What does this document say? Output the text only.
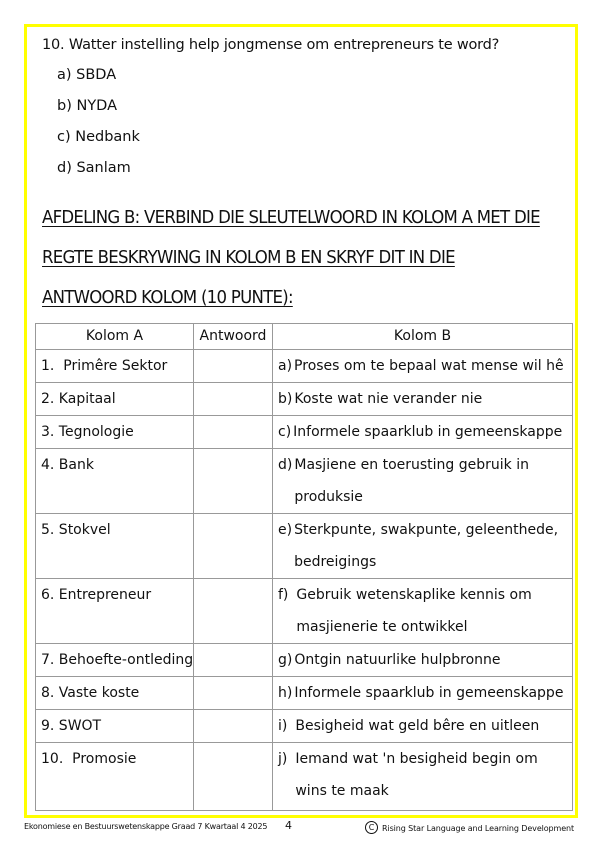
10. Watter instelling help jongmense om entrepreneurs te word?
a) SBDA
b) NYDA
c) Nedbank
d) Sanlam
AFDELING B: VERBIND DIE SLEUTELWOORD IN KOLOM A MET DIE
REGTE BESKRYWING IN KOLOM B EN SKRYF DIT IN DIE
ANTWOORD KOLOM (10 PUNTE):
Kolom A	Antwoord	Kolom B
1.  Primêre Sektor		a) Proses om te bepaal wat mense wil hê

2. Kapitaal		b) Koste wat nie verander nie

3. Tegnologie		c) Informele spaarklub in gemeenskappe

4. Bank		d) Masjiene en toerusting gebruik in produksie

5. Stokvel		e) Sterkpunte, swakpunte, geleenthede, bedreigings

6. Entrepreneur		f) Gebruik wetenskaplike kennis om masjienerie te ontwikkel

7. Behoefte-ontleding		g) Ontgin natuurlike hulpbronne

8. Vaste koste		h) Informele spaarklub in gemeenskappe

9. SWOT		i) Besigheid wat geld bêre en uitleen

10.  Promosie		j) Iemand wat 'n besigheid begin om wins te maak
Ekonomiese en Bestuurswetenskappe Graad 7 Kwartaal 4 2025 4	C Rising Star Language and Learning Development
